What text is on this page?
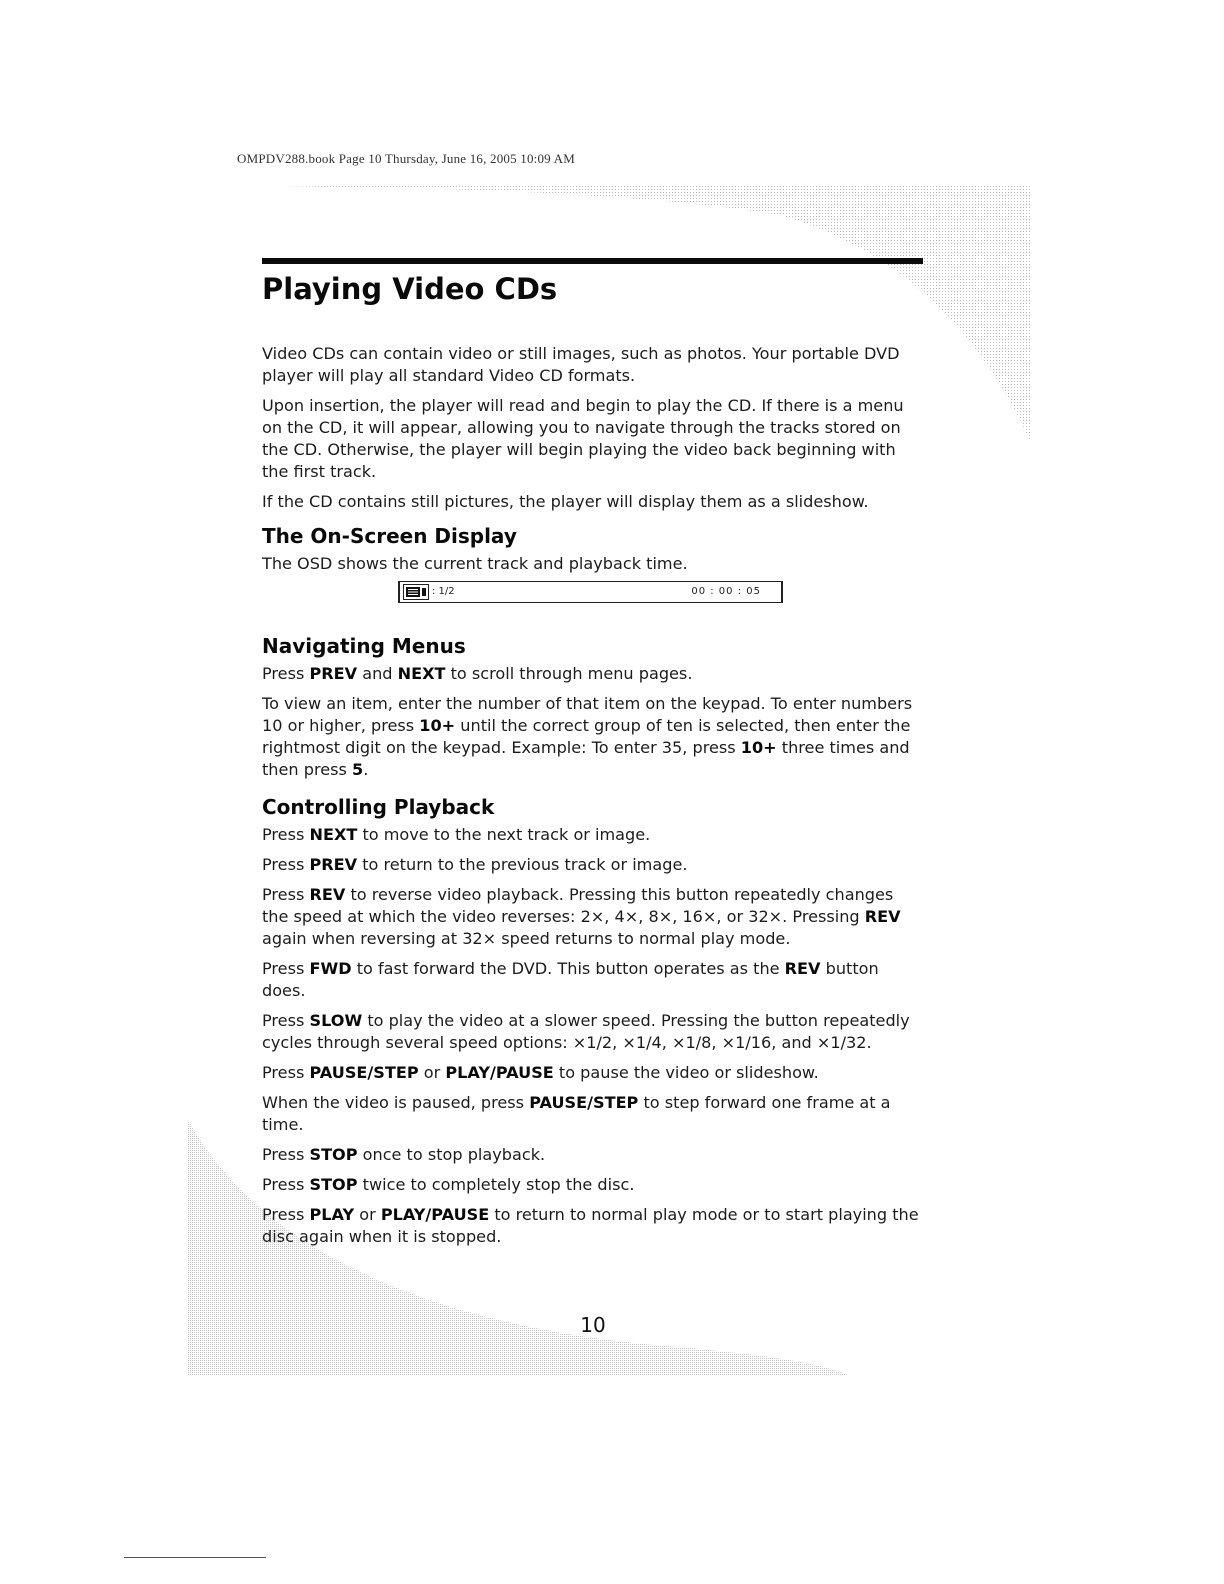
OMPDV288.book Page 10 Thursday, June 16, 2005 10:09 AM
Playing Video CDs

Video CDs can contain video or still images, such as photos. Your portable DVD player will play all standard Video CD formats.

Upon insertion, the player will read and begin to play the CD. If there is a menu on the CD, it will appear, allowing you to navigate through the tracks stored on the CD. Otherwise, the player will begin playing the video back beginning with the first track.

If the CD contains still pictures, the player will display them as a slideshow.

The On-Screen Display

The OSD shows the current track and playback time.

: 1/2	00 : 00 : 05
Navigating Menus

Press PREV and NEXT to scroll through menu pages.

To view an item, enter the number of that item on the keypad. To enter numbers 10 or higher, press 10+ until the correct group of ten is selected, then enter the rightmost digit on the keypad. Example: To enter 35, press 10+ three times and then press 5.

Controlling Playback

Press NEXT to move to the next track or image.

Press PREV to return to the previous track or image.

Press REV to reverse video playback. Pressing this button repeatedly changes the speed at which the video reverses: 2×, 4×, 8×, 16×, or 32×. Pressing REV again when reversing at 32× speed returns to normal play mode.

Press FWD to fast forward the DVD. This button operates as the REV button does.

Press SLOW to play the video at a slower speed. Pressing the button repeatedly cycles through several speed options: ×1/2, ×1/4, ×1/8, ×1/16, and ×1/32.

Press PAUSE/STEP or PLAY/PAUSE to pause the video or slideshow.

When the video is paused, press PAUSE/STEP to step forward one frame at a time.

Press STOP once to stop playback.

Press STOP twice to completely stop the disc.

Press PLAY or PLAY/PAUSE to return to normal play mode or to start playing the disc again when it is stopped.

10
